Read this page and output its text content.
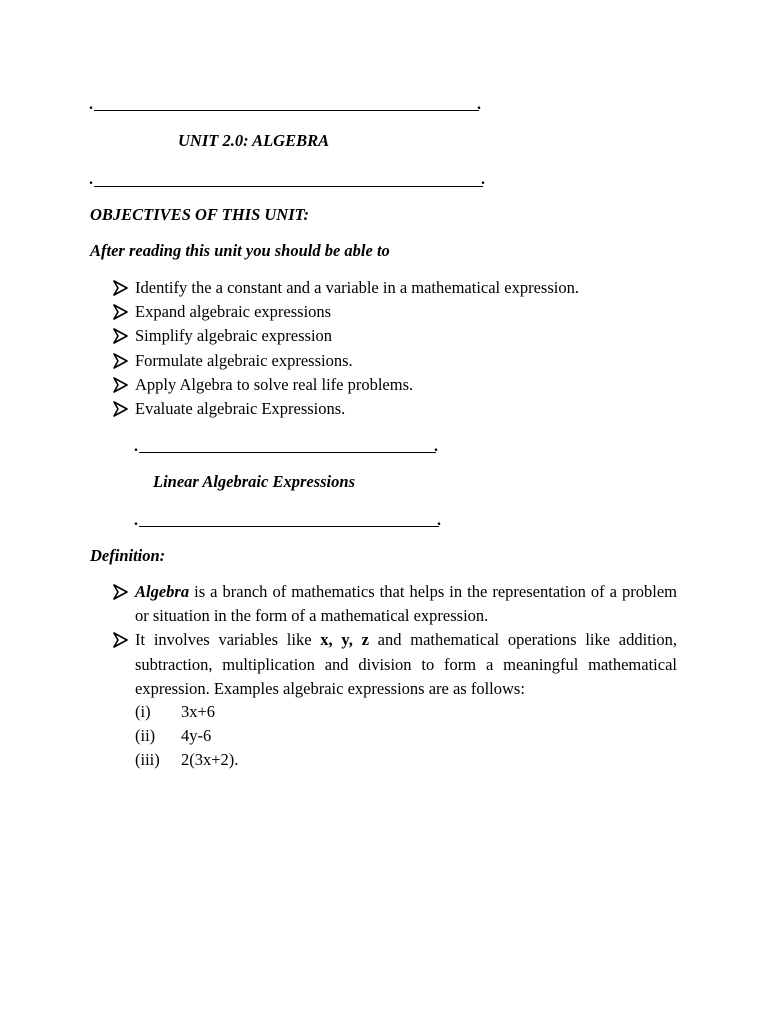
.	.
UNIT 2.0: ALGEBRA
.	.
OBJECTIVES OF THIS UNIT:
After reading this unit you should be able to
Identify the a constant and a variable in a mathematical expression.
Expand algebraic expressions
Simplify algebraic expression
Formulate algebraic expressions.
Apply Algebra to solve real life problems.
Evaluate algebraic Expressions.
.	.
Linear Algebraic Expressions
.	.
Definition:
Algebra is a branch of mathematics that helps in the representation of a problem or situation in the form of a mathematical expression.
It involves variables like x, y, z and mathematical operations like addition, subtraction, multiplication and division to form a meaningful mathematical expression. Examples algebraic expressions are as follows:
(i) 3x+6
(ii) 4y-6
(iii) 2(3x+2).
